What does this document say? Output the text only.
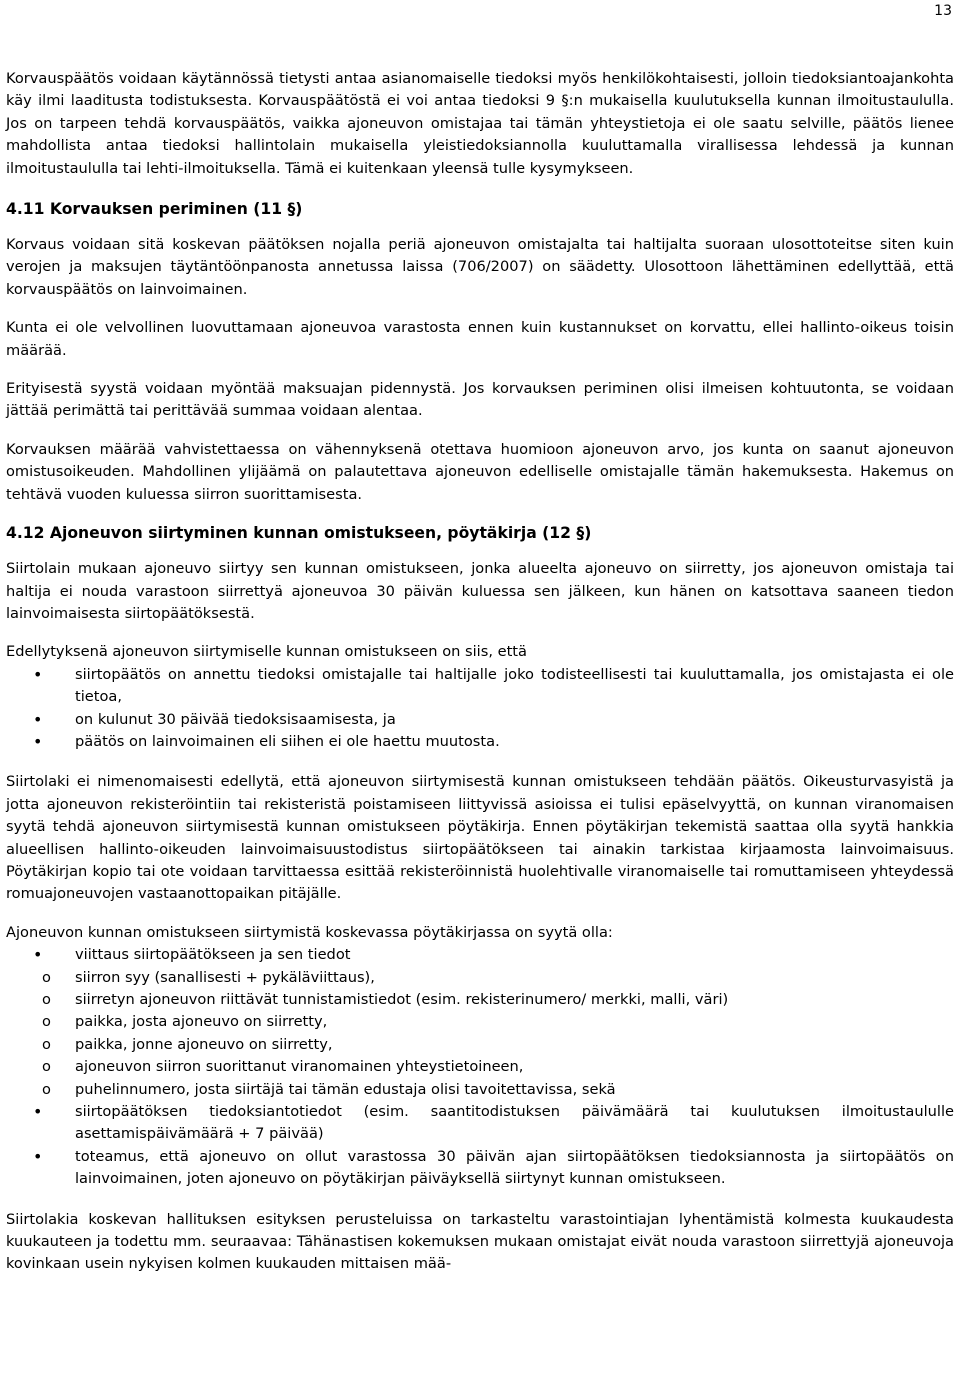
13

Korvauspäätös voidaan käytännössä tietysti antaa asianomaiselle tiedoksi myös henkilökohtaisesti, jolloin tiedoksiantoajankohta käy ilmi laaditusta todistuksesta. Korvauspäätöstä ei voi antaa tiedoksi 9 §:n mukaisella kuulutuksella kunnan ilmoitustaululla. Jos on tarpeen tehdä korvauspäätös, vaikka ajoneuvon omistajaa tai tämän yhteystietoja ei ole saatu selville, päätös lienee mahdollista antaa tiedoksi hallintolain mukaisella yleistiedoksiannolla kuuluttamalla virallisessa lehdessä ja kunnan ilmoitustaululla tai lehti-ilmoituksella. Tämä ei kuitenkaan yleensä tulle kysymykseen.

4.11 Korvauksen periminen (11 §)

Korvaus voidaan sitä koskevan päätöksen nojalla periä ajoneuvon omistajalta tai haltijalta suoraan ulosottoteitse siten kuin verojen ja maksujen täytäntöönpanosta annetussa laissa (706/2007) on säädetty. Ulosottoon lähettäminen edellyttää, että korvauspäätös on lainvoimainen.

Kunta ei ole velvollinen luovuttamaan ajoneuvoa varastosta ennen kuin kustannukset on korvattu, ellei hallinto-oikeus toisin määrää.

Erityisestä syystä voidaan myöntää maksuajan pidennystä. Jos korvauksen periminen olisi ilmeisen kohtuutonta, se voidaan jättää perimättä tai perittävää summaa voidaan alentaa.

Korvauksen määrää vahvistettaessa on vähennyksenä otettava huomioon ajoneuvon arvo, jos kunta on saanut ajoneuvon omistusoikeuden. Mahdollinen ylijäämä on palautettava ajoneuvon edelliselle omistajalle tämän hakemuksesta. Hakemus on tehtävä vuoden kuluessa siirron suorittamisesta.

4.12 Ajoneuvon siirtyminen kunnan omistukseen, pöytäkirja (12 §)

Siirtolain mukaan ajoneuvo siirtyy sen kunnan omistukseen, jonka alueelta ajoneuvo on siirretty, jos ajoneuvon omistaja tai haltija ei nouda varastoon siirrettyä ajoneuvoa 30 päivän kuluessa sen jälkeen, kun hänen on katsottava saaneen tiedon lainvoimaisesta siirtopäätöksestä.

Edellytyksenä ajoneuvon siirtymiselle kunnan omistukseen on siis, että

• siirtopäätös on annettu tiedoksi omistajalle tai haltijalle joko todisteellisesti tai kuuluttamalla, jos omistajasta ei ole tietoa,
• on kulunut 30 päivää tiedoksisaamisesta, ja
• päätös on lainvoimainen eli siihen ei ole haettu muutosta.

Siirtolaki ei nimenomaisesti edellytä, että ajoneuvon siirtymisestä kunnan omistukseen tehdään päätös. Oikeusturvasyistä ja jotta ajoneuvon rekisteröintiin tai rekisteristä poistamiseen liittyvissä asioissa ei tulisi epäselvyyttä, on kunnan viranomaisen syytä tehdä ajoneuvon siirtymisestä kunnan omistukseen pöytäkirja. Ennen pöytäkirjan tekemistä saattaa olla syytä hankkia alueellisen hallinto-oikeuden lainvoimaisuustodistus siirtopäätökseen tai ainakin tarkistaa kirjaamosta lainvoimaisuus. Pöytäkirjan kopio tai ote voidaan tarvittaessa esittää rekisteröinnistä huolehtivalle viranomaiselle tai romuttamiseen yhteydessä romuajoneuvojen vastaanottopaikan pitäjälle.

Ajoneuvon kunnan omistukseen siirtymistä koskevassa pöytäkirjassa on syytä olla:

• viittaus siirtopäätökseen ja sen tiedot
o siirron syy (sanallisesti + pykäläviittaus),
o siirretyn ajoneuvon riittävät tunnistamistiedot (esim. rekisterinumero/ merkki, malli, väri)
o paikka, josta ajoneuvo on siirretty,
o paikka, jonne ajoneuvo on siirretty,
o ajoneuvon siirron suorittanut viranomainen yhteystietoineen,
o puhelinnumero, josta siirtäjä tai tämän edustaja olisi tavoitettavissa, sekä
• siirtopäätöksen tiedoksiantotiedot (esim. saantitodistuksen päivämäärä tai kuulutuksen ilmoitustaululle asettamispäivämäärä + 7 päivää)
• toteamus, että ajoneuvo on ollut varastossa 30 päivän ajan siirtopäätöksen tiedoksiannosta ja siirtopäätös on lainvoimainen, joten ajoneuvo on pöytäkirjan päiväyksellä siirtynyt kunnan omistukseen.

Siirtolakia koskevan hallituksen esityksen perusteluissa on tarkasteltu varastointiajan lyhentämistä kolmesta kuukaudesta kuukauteen ja todettu mm. seuraavaa: Tähänastisen kokemuksen mukaan omistajat eivät nouda varastoon siirrettyjä ajoneuvoja kovinkaan usein nykyisen kolmen kuukauden mittaisen mää-
